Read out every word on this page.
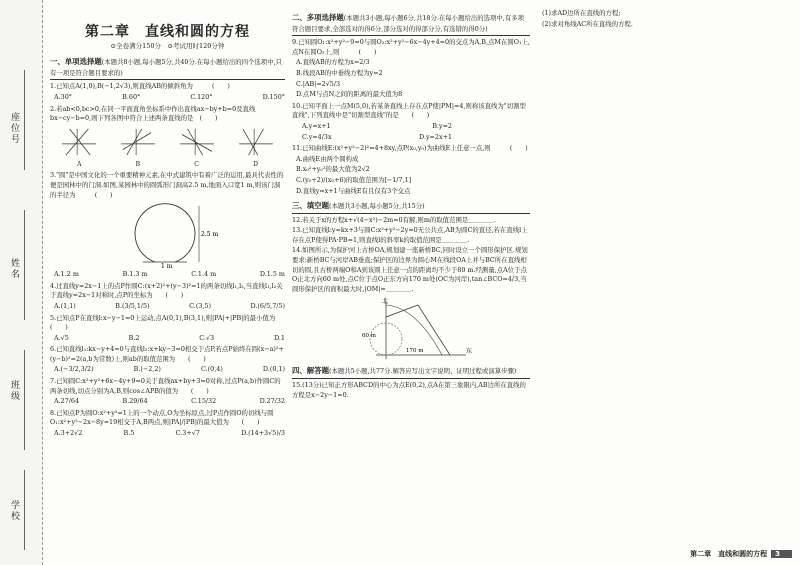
座位号
姓名
班级
学校
第二章　直线和圆的方程
⊙全卷满分150分　⊙考试用时120分钟
一、单项选择题(本题共8小题,每小题5分,共40分.在每小题给出的四个选项中,只有一项是符合题目要求的)
1.已知点A(1,0),B(−1,2√3),则直线AB的倾斜角为　　　(　　)
A.30°	B.60°	C.120°	D.150°
2.若ab<0,bc>0,在同一平面直角坐标系中作出直线ax−by+b=0及直线bx−cy−b=0,则下列各图中符合上述两条直线的是　(　　)
A	B	C	D
3."圆"是中国文化的一个重要精神元素,在中式建筑中有着广泛的运用,最具代表性的便是园林中的门洞.如图,某园林中的圆弧形门洞高2.5 m,地面入口宽1 m,则该门洞的半径为　　　(　　)
2.5 m
1 m
A.1.2 m	B.1.3 m	C.1.4 m	D.1.5 m
4.过直线y=2x−1上的点P作圆C:(x+2)²+(y−3)²=1的两条切线l₁,l₂,当直线l₁,l₂关于直线y=2x−1对称时,点P的坐标为　　(　　)
A.(1,1)	B.(3/5,1/5)	C.(3,5)	D.(6/5,7/5)
5.已知点P在直线l:x−y−1=0上运动,点A(0,1),B(3,1),则|PA|+|PB|的最小值为　　　(　　)
A.√5	B.2	C.√3	D.1
6.已知直线l₁:kx−y+4=0与直线l₂:x+ky−3=0相交于点P,若点P始终在圆(x−a)²+(y−b)²=2(a,b为常数)上,则ab的取值范围为　　(　　)
A.(−3/2,3/2)	B.(−2,2)	C.(0,4)	D.(0,1)
7.已知圆C:x²+y²+6x−4y+9=0关于直线ax+by+3=0对称,过点P(a,b)作圆C的两条切线,切点分别为A,B,则cos∠APB的值为　　(　　)
A.27/64	B.29/64	C.15/32	D.27/32
8.已知点P为圆O:x²+y²=1上的一个动点,O为坐标原点,过P点作圆O的切线与圆O₁:x²+y²−2x−8y=19相交于A,B两点,则|PA|/|PB|的最大值为　　(　　)
A.3+2√2	B.5	C.3+√7	D.(14+3√5)/3
二、多项选择题(本题共3小题,每小题6分,共18分.在每小题给出的选项中,有多项符合题目要求,全部选对的得6分,部分选对的得部分分,有选错的得0分)
9.已知圆O₁:x²+y²−9=0与圆O₂:x²+y²−6x−4y+4=0的交点为A,B,点M在圆O₁上,点N在圆O₂上,则　　　(　　)
A.直线AB的方程为x=2/3
B.线段AB的中垂线方程为y=2
C.|AB|=2√5/3
D.点M与点N之间的距离的最大值为8
10.已知平面上一点M(5,0),若某条直线上存在点P使|PM|=4,则称该直线为"切割型直线",下列直线中是"切割型直线"的是　　(　　)
A.y=x+1	B.y=2
C.y=4/3x	D.y=2x+1
11.已知曲线E:(x²+y²−2)²=4+8xy,点P(x₀,y₀)为曲线E上任意一点,则　　　(　　)
A.曲线E由两个圆构成
B.x₀²+y₀²的最大值为2√2
C.(y₀+2)/(x₀+6)的取值范围为[−1/7,1]
D.直线y=x+1与曲线E有且仅有3个交点
三、填空题(本题共3小题,每小题5分,共15分)
12.若关于x的方程x+√(4−x²)−2m=0有解,则m的取值范围是＿＿＿＿.
13.已知直线l:y=kx+3与圆C:x²+y²−2y=0无公共点,AB为圆C的直径,若在直线l上存在点P使得PA·PB=1,则直线l的斜率k的取值范围是＿＿＿＿.
14.如图所示,为保护河上古桥OA,规划建一座新桥BC,同时设立一个圆形保护区.规划要求:新桥BC与河岸AB垂直;保护区的边界为圆心M在线段OA上并与BC所在直线相切的圆,且古桥两端O和A到该圆上任意一点的距离均不少于80 m.经测量,点A位于点O正北方向60 m处,点C位于点O正东方向170 m处(OC为河岸),tan∠BCO=4/3,当圆形保护区的面积最大时,|OM|=＿＿＿＿.
北
东
60 m
170 m
四、解答题(本题共5小题,共77分.解答应写出文字说明、证明过程或演算步骤)
15.(13分)已知正方形ABCD的中心为点E(0,2),点A在第三象限内,AB边所在直线的方程是x−2y−1=0.
(1)求AD边所在直线的方程;
(2)求对角线AC所在直线的方程.
第二章　直线和圆的方程	3
